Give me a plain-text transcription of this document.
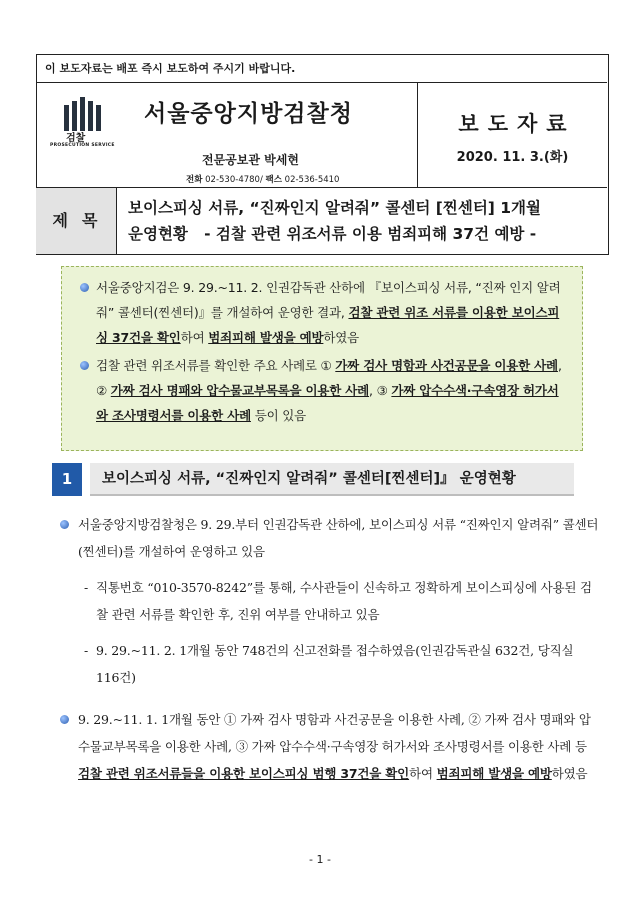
이 보도자료는 배포 즉시 보도하여 주시기 바랍니다.
검찰
PROSECUTION SERVICE
서울중앙지방검찰청
전문공보관 박세현
전화 02-530-4780/ 팩스 02-536-5410
보도자료
2020. 11. 3.(화)
제목
보이스피싱 서류, “진짜인지 알려줘” 콜센터 [찐센터] 1개월
운영현황   - 검찰 관련 위조서류 이용 범죄피해 37건 예방 -

서울중앙지검은 9. 29.~11. 2. 인권감독관 산하에 『보이스피싱 서류, “진짜 인지 알려줘” 콜센터(찐센터)』를 개설하여 운영한 결과, 검찰 관련 위조 서류를 이용한 보이스피싱 37건을 확인하여 범죄피해 발생을 예방하였음

검찰 관련 위조서류를 확인한 주요 사례로 ① 가짜 검사 명함과 사건공문을 이용한 사례, ② 가짜 검사 명패와 압수물교부목록을 이용한 사례, ③ 가짜 압수수색·구속영장 허가서와 조사명령서를 이용한 사례 등이 있음

1	보이스피싱 서류, “진짜인지 알려줘” 콜센터[찐센터]』 운영현황
서울중앙지방검찰청은 9. 29.부터 인권감독관 산하에, 보이스피싱 서류 “진짜인지 알려줘” 콜센터(찐센터)를 개설하여 운영하고 있음
- 직통번호 “010-3570-8242”를 통해, 수사관들이 신속하고 정확하게 보이스피싱에 사용된 검찰 관련 서류를 확인한 후, 진위 여부를 안내하고 있음
- 9. 29.~11. 2. 1개월 동안 748건의 신고전화를 접수하였음(인권감독관실 632건, 당직실 116건)
9. 29.~11. 1. 1개월 동안 ① 가짜 검사 명함과 사건공문을 이용한 사례, ② 가짜 검사 명패와 압수물교부목록을 이용한 사례, ③ 가짜 압수수색·구속영장 허가서와 조사명령서를 이용한 사례 등 검찰 관련 위조서류들을 이용한 보이스피싱 범행 37건을 확인하여 범죄피해 발생을 예방하였음
- 1 -
